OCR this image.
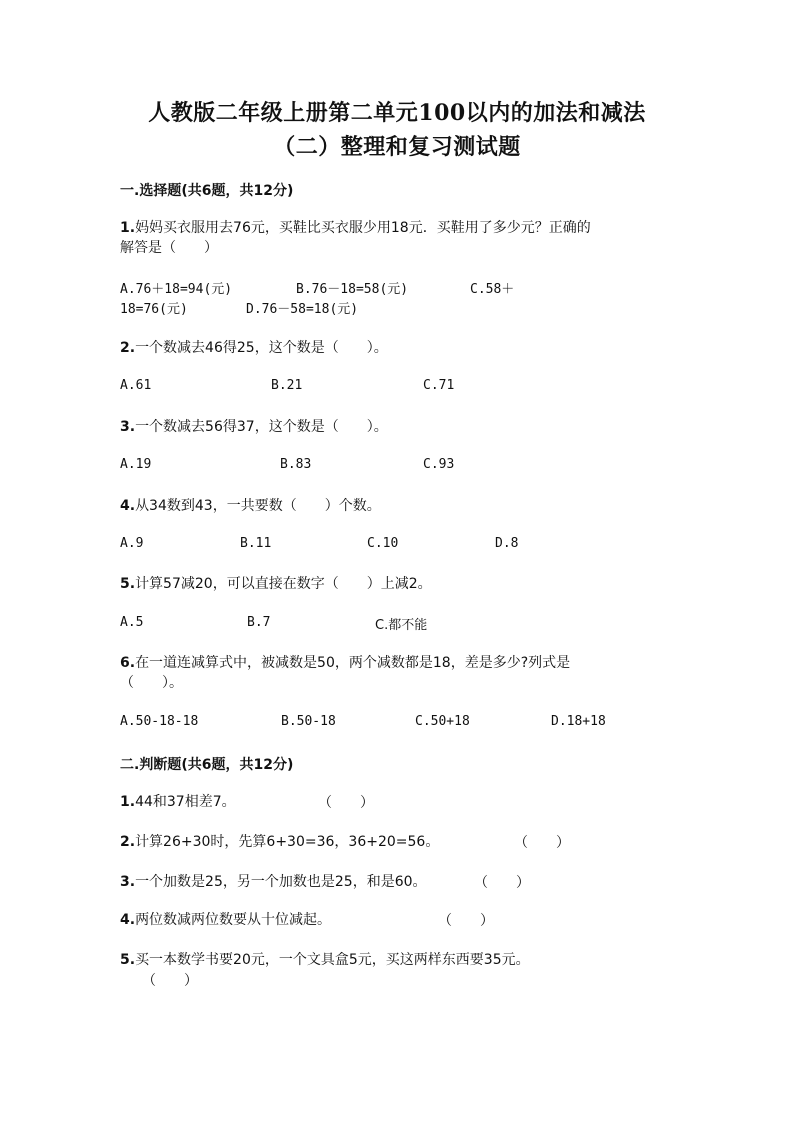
人教版二年级上册第二单元100以内的加法和减法
（二）整理和复习测试题
一.选择题(共6题，共12分)
1.妈妈买衣服用去76元，买鞋比买衣服少用18元．买鞋用了多少元？正确的
解答是（　　）
A.76＋18=94(元)	B.76－18=58(元)	C.58＋
18=76(元)	D.76－58=18(元)
2.一个数减去46得25，这个数是（　　）。
A.61	B.21	C.71
3.一个数减去56得37，这个数是（　　）。
A.19	B.83	C.93
4.从34数到43，一共要数（　　）个数。
A.9	B.11	C.10	D.8
5.计算57减20，可以直接在数字（　　）上减2。
A.5	B.7	C.都不能
6.在一道连减算式中，被减数是50，两个减数都是18，差是多少?列式是
（　　）。
A.50-18-18	B.50-18	C.50+18	D.18+18
二.判断题(共6题，共12分)
1.44和37相差7。	（　　）
2.计算26+30时，先算6+30=36，36+20=56。	（　　）
3.一个加数是25，另一个加数也是25，和是60。	（　　）
4.两位数减两位数要从十位减起。	（　　）
5.买一本数学书要20元，一个文具盒5元，买这两样东西要35元。
（　　）
